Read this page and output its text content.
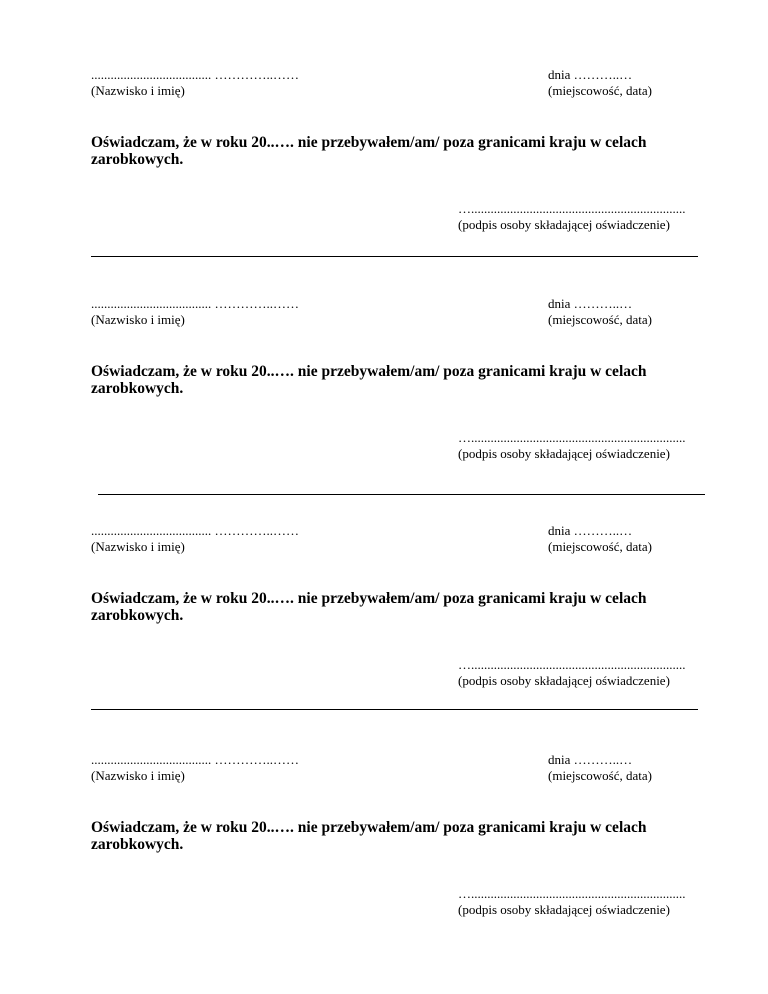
..................................... …………..……
(Nazwisko i imię)
dnia ………..…
(miejscowość, data)
Oświadczam, że w roku 20..…. nie przebywałem/am/ poza granicami kraju w celach zarobkowych.
…..................................................................
(podpis osoby składającej oświadczenie)
..................................... …………..……
(Nazwisko i imię)
dnia ………..…
(miejscowość, data)
Oświadczam, że w roku 20..…. nie przebywałem/am/ poza granicami kraju w celach zarobkowych.
…..................................................................
(podpis osoby składającej oświadczenie)
..................................... …………..……
(Nazwisko i imię)
dnia ………..…
(miejscowość, data)
Oświadczam, że w roku 20..…. nie przebywałem/am/ poza granicami kraju w celach zarobkowych.
…..................................................................
(podpis osoby składającej oświadczenie)
..................................... …………..……
(Nazwisko i imię)
dnia ………..…
(miejscowość, data)
Oświadczam, że w roku 20..…. nie przebywałem/am/ poza granicami kraju w celach zarobkowych.
…..................................................................
(podpis osoby składającej oświadczenie)
